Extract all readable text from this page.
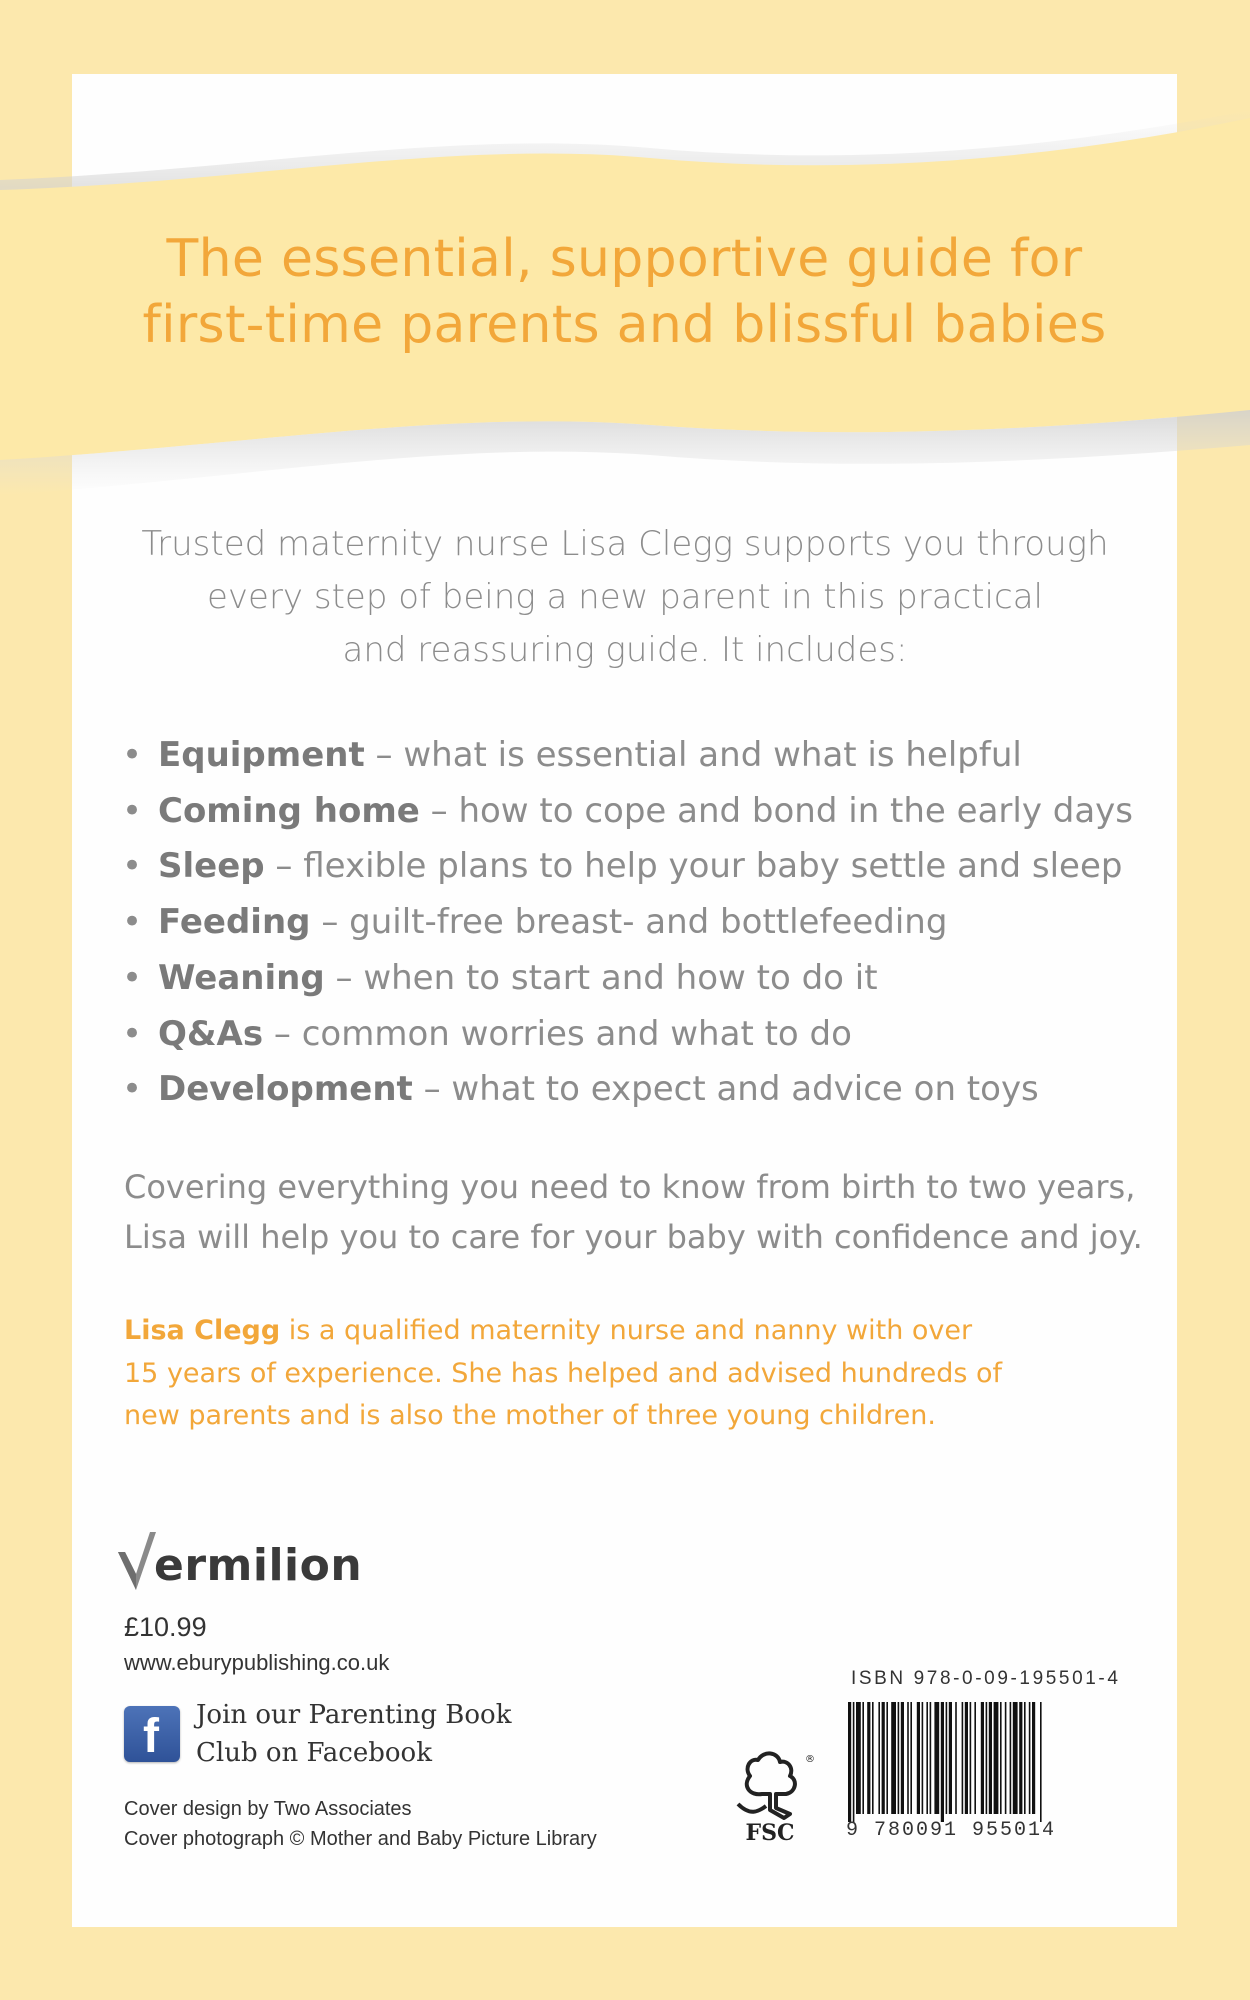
The essential, supportive guide for
first-time parents and blissful babies
Trusted maternity nurse Lisa Clegg supports you through
every step of being a new parent in this practical
and reassuring guide. It includes:
• Equipment – what is essential and what is helpful
• Coming home – how to cope and bond in the early days
• Sleep – flexible plans to help your baby settle and sleep
• Feeding – guilt-free breast- and bottlefeeding
• Weaning – when to start and how to do it
• Q&As – common worries and what to do
• Development – what to expect and advice on toys
Covering everything you need to know from birth to two years,
Lisa will help you to care for your baby with confidence and joy.
Lisa Clegg is a qualified maternity nurse and nanny with over
15 years of experience. She has helped and advised hundreds of
new parents and is also the mother of three young children.
ermilion
£10.99
www.eburypublishing.co.uk
f Join our Parenting Book
Club on Facebook
Cover design by Two Associates
Cover photograph © Mother and Baby Picture Library
®
FSC
ISBN 978-0-09-195501-4
9 780091 955014
